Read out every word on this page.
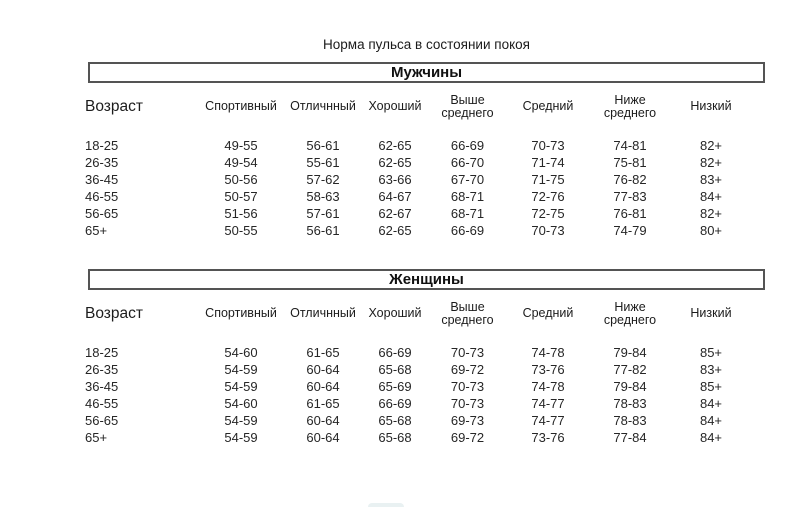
Норма пульса в состоянии покоя
Мужчины
Возраст	Спортивный	Отличнный	Хороший	Выше среднего	Средний	Ниже среднего	Низкий
18-25	49-55	56-61	62-65	66-69	70-73	74-81	82+
26-35	49-54	55-61	62-65	66-70	71-74	75-81	82+
36-45	50-56	57-62	63-66	67-70	71-75	76-82	83+
46-55	50-57	58-63	64-67	68-71	72-76	77-83	84+
56-65	51-56	57-61	62-67	68-71	72-75	76-81	82+
65+	50-55	56-61	62-65	66-69	70-73	74-79	80+
Женщины
Возраст	Спортивный	Отличнный	Хороший	Выше среднего	Средний	Ниже среднего	Низкий
18-25	54-60	61-65	66-69	70-73	74-78	79-84	85+
26-35	54-59	60-64	65-68	69-72	73-76	77-82	83+
36-45	54-59	60-64	65-69	70-73	74-78	79-84	85+
46-55	54-60	61-65	66-69	70-73	74-77	78-83	84+
56-65	54-59	60-64	65-68	69-73	74-77	78-83	84+
65+	54-59	60-64	65-68	69-72	73-76	77-84	84+
